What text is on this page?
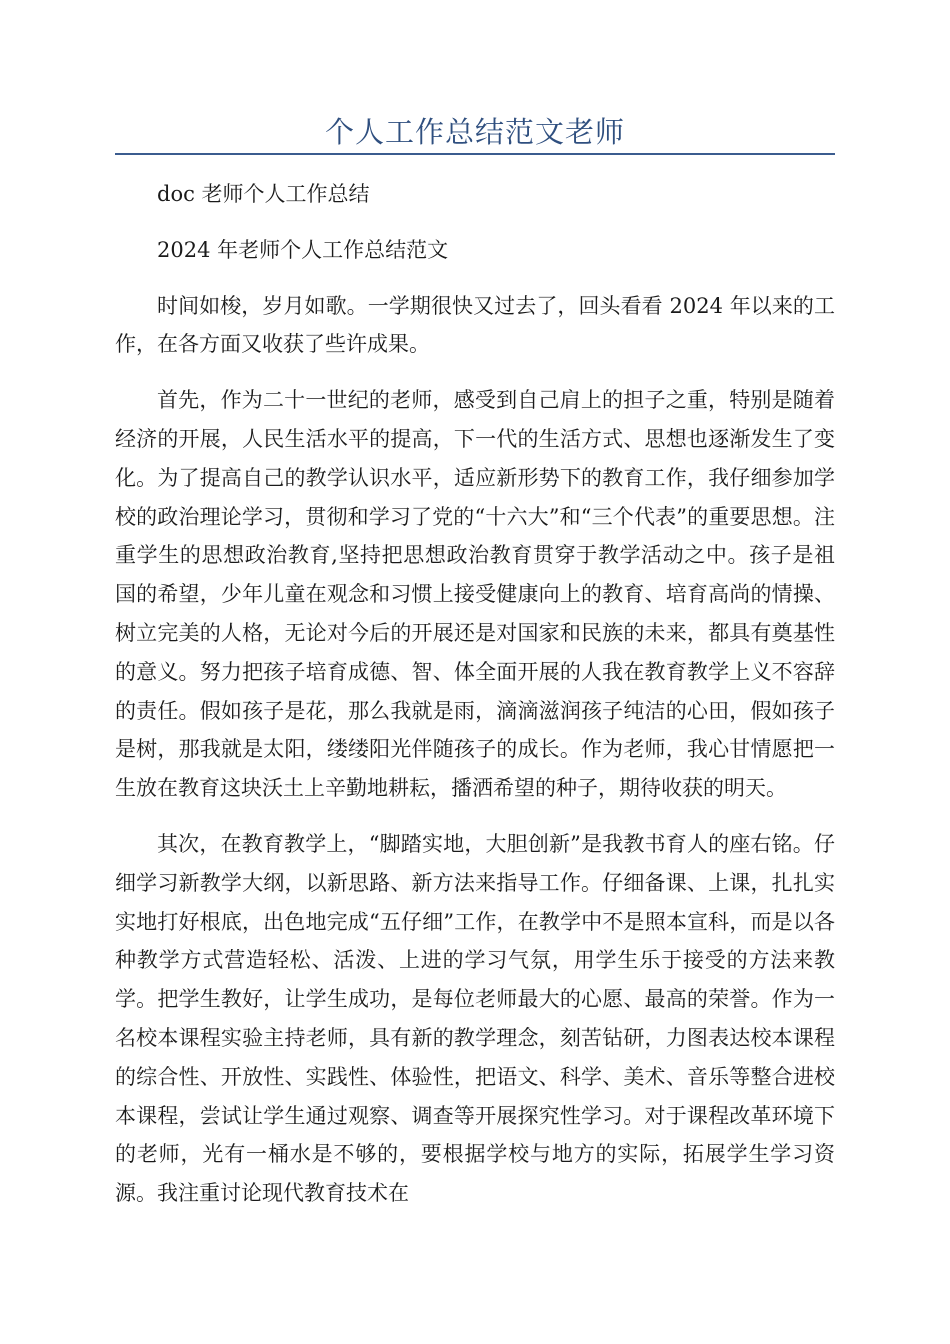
个人工作总结范文老师

doc 老师个人工作总结

2024 年老师个人工作总结范文

时间如梭，岁月如歌。一学期很快又过去了，回头看看 2024 年以来的工作，在各方面又收获了些许成果。

首先，作为二十一世纪的老师，感受到自己肩上的担子之重，特别是随着经济的开展，人民生活水平的提高，下一代的生活方式、思想也逐渐发生了变化。为了提高自己的教学认识水平，适应新形势下的教育工作，我仔细参加学校的政治理论学习，贯彻和学习了党的“十六大”和“三个代表”的重要思想。注重学生的思想政治教育,坚持把思想政治教育贯穿于教学活动之中。孩子是祖国的希望，少年儿童在观念和习惯上接受健康向上的教育、培育高尚的情操、树立完美的人格，无论对今后的开展还是对国家和民族的未来，都具有奠基性的意义。努力把孩子培育成德、智、体全面开展的人我在教育教学上义不容辞的责任。假如孩子是花，那么我就是雨，滴滴滋润孩子纯洁的心田，假如孩子是树，那我就是太阳，缕缕阳光伴随孩子的成长。作为老师，我心甘情愿把一生放在教育这块沃土上辛勤地耕耘，播洒希望的种子，期待收获的明天。

其次，在教育教学上，“脚踏实地，大胆创新”是我教书育人的座右铭。仔细学习新教学大纲，以新思路、新方法来指导工作。仔细备课、上课，扎扎实实地打好根底，出色地完成“五仔细”工作，在教学中不是照本宣科，而是以各种教学方式营造轻松、活泼、上进的学习气氛，用学生乐于接受的方法来教学。把学生教好，让学生成功，是每位老师最大的心愿、最高的荣誉。作为一名校本课程实验主持老师，具有新的教学理念，刻苦钻研，力图表达校本课程的综合性、开放性、实践性、体验性，把语文、科学、美术、音乐等整合进校本课程，尝试让学生通过观察、调查等开展探究性学习。对于课程改革环境下的老师，光有一桶水是不够的，要根据学校与地方的实际，拓展学生学习资源。我注重讨论现代教育技术在
